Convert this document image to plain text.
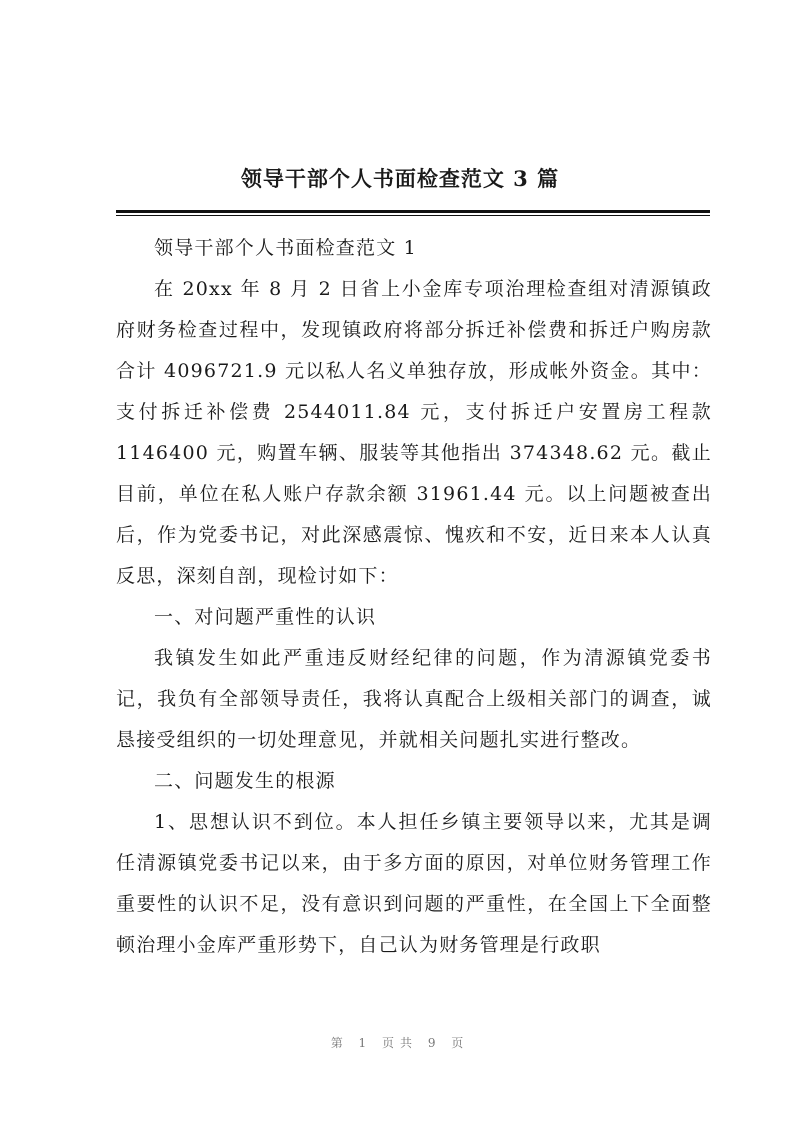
领导干部个人书面检查范文 3 篇

领导干部个人书面检查范文 1

在 20xx 年 8 月 2 日省上小金库专项治理检查组对清源镇政府财务检查过程中，发现镇政府将部分拆迁补偿费和拆迁户购房款合计 4096721.9 元以私人名义单独存放，形成帐外资金。其中：支付拆迁补偿费 2544011.84 元，支付拆迁户安置房工程款 1146400 元，购置车辆、服装等其他指出 374348.62 元。截止目前，单位在私人账户存款余额 31961.44 元。以上问题被查出后，作为党委书记，对此深感震惊、愧疚和不安，近日来本人认真反思，深刻自剖，现检讨如下：

一、对问题严重性的认识

我镇发生如此严重违反财经纪律的问题，作为清源镇党委书记，我负有全部领导责任，我将认真配合上级相关部门的调查，诚恳接受组织的一切处理意见，并就相关问题扎实进行整改。

二、问题发生的根源

1、思想认识不到位。本人担任乡镇主要领导以来，尤其是调任清源镇党委书记以来，由于多方面的原因，对单位财务管理工作重要性的认识不足，没有意识到问题的严重性，在全国上下全面整顿治理小金库严重形势下，自己认为财务管理是行政职

第 1 页共 9 页
